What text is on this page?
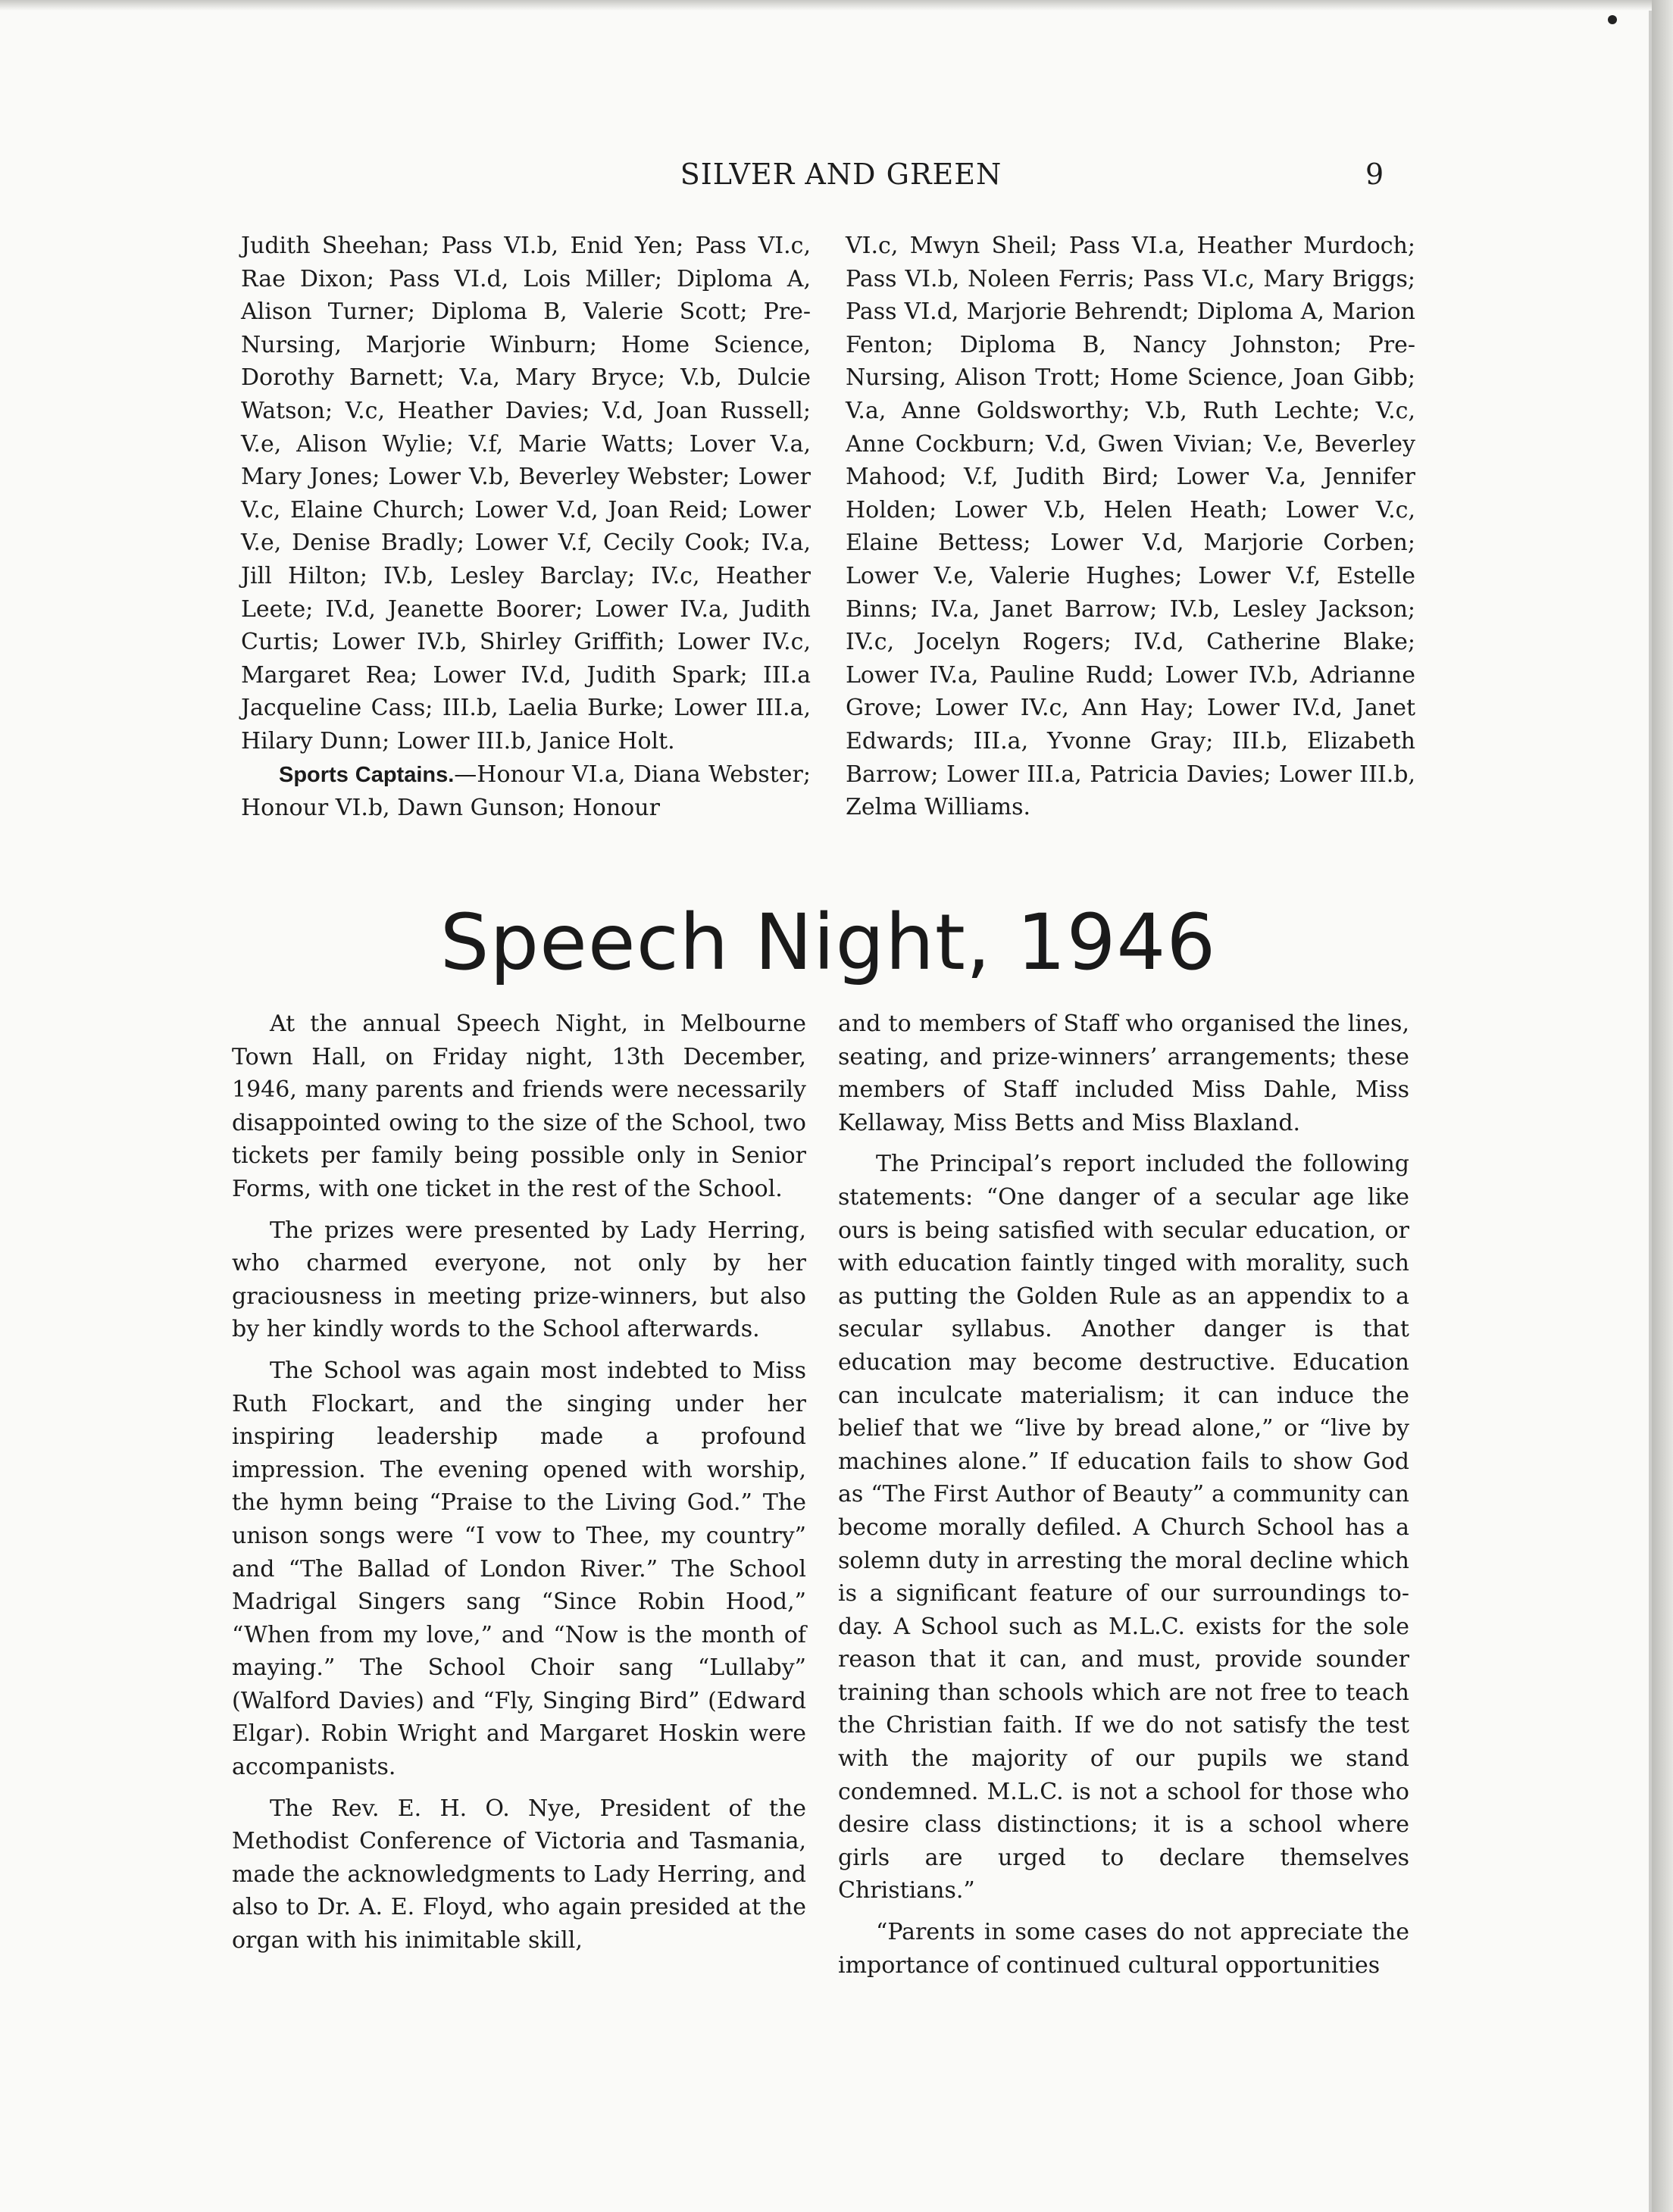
SILVER AND GREEN	9

Judith Sheehan; Pass VI.b, Enid Yen; Pass VI.c, Rae Dixon; Pass VI.d, Lois Miller; Diploma A, Alison Turner; Diploma B, Valerie Scott; Pre-Nursing, Marjorie Winburn; Home Science, Dorothy Barnett; V.a, Mary Bryce; V.b, Dulcie Watson; V.c, Heather Davies; V.d, Joan Russell; V.e, Alison Wylie; V.f, Marie Watts; Lover V.a, Mary Jones; Lower V.b, Beverley Webster; Lower V.c, Elaine Church; Lower V.d, Joan Reid; Lower V.e, Denise Bradly; Lower V.f, Cecily Cook; IV.a, Jill Hilton; IV.b, Lesley Barclay; IV.c, Heather Leete; IV.d, Jeanette Boorer; Lower IV.a, Judith Curtis; Lower IV.b, Shirley Griffith; Lower IV.c, Margaret Rea; Lower IV.d, Judith Spark; III.a Jacqueline Cass; III.b, Laelia Burke; Lower III.a, Hilary Dunn; Lower III.b, Janice Holt.

Sports Captains.—Honour VI.a, Diana Webster; Honour VI.b, Dawn Gunson; Honour

VI.c, Mwyn Sheil; Pass VI.a, Heather Murdoch; Pass VI.b, Noleen Ferris; Pass VI.c, Mary Briggs; Pass VI.d, Marjorie Behrendt; Diploma A, Marion Fenton; Diploma B, Nancy Johnston; Pre-Nursing, Alison Trott; Home Science, Joan Gibb; V.a, Anne Goldsworthy; V.b, Ruth Lechte; V.c, Anne Cockburn; V.d, Gwen Vivian; V.e, Beverley Mahood; V.f, Judith Bird; Lower V.a, Jennifer Holden; Lower V.b, Helen Heath; Lower V.c, Elaine Bettess; Lower V.d, Marjorie Corben; Lower V.e, Valerie Hughes; Lower V.f, Estelle Binns; IV.a, Janet Barrow; IV.b, Lesley Jackson; IV.c, Jocelyn Rogers; IV.d, Catherine Blake; Lower IV.a, Pauline Rudd; Lower IV.b, Adrianne Grove; Lower IV.c, Ann Hay; Lower IV.d, Janet Edwards; III.a, Yvonne Gray; III.b, Elizabeth Barrow; Lower III.a, Patricia Davies; Lower III.b, Zelma Williams.

Speech Night, 1946

At the annual Speech Night, in Melbourne Town Hall, on Friday night, 13th December, 1946, many parents and friends were necessarily disappointed owing to the size of the School, two tickets per family being possible only in Senior Forms, with one ticket in the rest of the School.

The prizes were presented by Lady Herring, who charmed everyone, not only by her graciousness in meeting prize-winners, but also by her kindly words to the School afterwards.

The School was again most indebted to Miss Ruth Flockart, and the singing under her inspiring leadership made a profound impression. The evening opened with worship, the hymn being “Praise to the Living God.” The unison songs were “I vow to Thee, my country” and “The Ballad of London River.” The School Madrigal Singers sang “Since Robin Hood,” “When from my love,” and “Now is the month of maying.” The School Choir sang “Lullaby” (Walford Davies) and “Fly, Singing Bird” (Edward Elgar). Robin Wright and Margaret Hoskin were accompanists.

The Rev. E. H. O. Nye, President of the Methodist Conference of Victoria and Tasmania, made the acknowledgments to Lady Herring, and also to Dr. A. E. Floyd, who again presided at the organ with his inimitable skill,

and to members of Staff who organised the lines, seating, and prize-winners’ arrangements; these members of Staff included Miss Dahle, Miss Kellaway, Miss Betts and Miss Blaxland.

The Principal’s report included the following statements: “One danger of a secular age like ours is being satisfied with secular education, or with education faintly tinged with morality, such as putting the Golden Rule as an appendix to a secular syllabus. Another danger is that education may become destructive. Education can inculcate materialism; it can induce the belief that we “live by bread alone,” or “live by machines alone.” If education fails to show God as “The First Author of Beauty” a community can become morally defiled. A Church School has a solemn duty in arresting the moral decline which is a significant feature of our surroundings to-day. A School such as M.L.C. exists for the sole reason that it can, and must, provide sounder training than schools which are not free to teach the Christian faith. If we do not satisfy the test with the majority of our pupils we stand condemned. M.L.C. is not a school for those who desire class distinctions; it is a school where girls are urged to declare themselves Christians.”

“Parents in some cases do not appreciate the importance of continued cultural opportunities
